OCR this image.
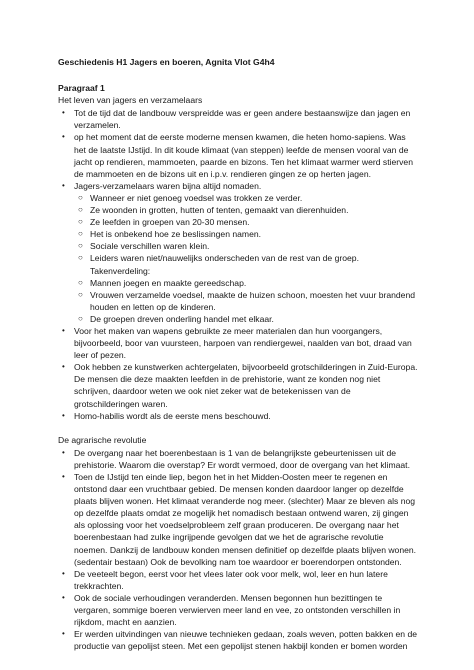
Geschiedenis H1 Jagers en boeren, Agnita Vlot G4h4

Paragraaf 1

Het leven van jagers en verzamelaars

• Tot de tijd dat de landbouw verspreidde was er geen andere bestaanswijze dan jagen en verzamelen.
• op het moment dat de eerste moderne mensen kwamen, die heten homo-sapiens. Was het de laatste IJstijd. In dit koude klimaat (van steppen) leefde de mensen vooral van de jacht op rendieren, mammoeten, paarde en bizons. Ten het klimaat warmer werd stierven de mammoeten en de bizons uit en i.p.v. rendieren gingen ze op herten jagen.
• Jagers-verzamelaars waren bijna altijd nomaden.
○ Wanneer er niet genoeg voedsel was trokken ze verder.
○ Ze woonden in grotten, hutten of tenten, gemaakt van dierenhuiden.
○ Ze leefden in groepen van 20-30 mensen.
○ Het is onbekend hoe ze beslissingen namen.
○ Sociale verschillen waren klein.
○ Leiders waren niet/nauwelijks onderscheden van de rest van de groep.

Takenverdeling:

○ Mannen joegen en maakte gereedschap.
○ Vrouwen verzamelde voedsel, maakte de huizen schoon, moesten het vuur brandend houden en letten op de kinderen.
○ De groepen dreven onderling handel met elkaar.
• Voor het maken van wapens gebruikte ze meer materialen dan hun voorgangers, bijvoorbeeld, boor van vuursteen, harpoen van rendiergewei, naalden van bot, draad van leer of pezen.
• Ook hebben ze kunstwerken achtergelaten, bijvoorbeeld grotschilderingen in Zuid-Europa. De mensen die deze maakten leefden in de prehistorie, want ze konden nog niet schrijven, daardoor weten we ook niet zeker wat de betekenissen van de grotschilderingen waren.
• Homo-habilis wordt als de eerste mens beschouwd.

De agrarische revolutie

• De overgang naar het boerenbestaan is 1 van de belangrijkste gebeurtenissen uit de prehistorie. Waarom die overstap? Er wordt vermoed, door de overgang van het klimaat.
• Toen de IJstijd ten einde liep, begon het in het Midden-Oosten meer te regenen en ontstond daar een vruchtbaar gebied. De mensen konden daardoor langer op dezelfde plaats blijven wonen. Het klimaat veranderde nog meer. (slechter) Maar ze bleven als nog op dezelfde plaats omdat ze mogelijk het nomadisch bestaan ontwend waren, zij gingen als oplossing voor het voedselprobleem zelf graan produceren. De overgang naar het boerenbestaan had zulke ingrijpende gevolgen dat we het de agrarische revolutie noemen. Dankzij de landbouw konden mensen definitief op dezelfde plaats blijven wonen. (sedentair bestaan) Ook de bevolking nam toe waardoor er boerendorpen ontstonden.
• De veeteelt begon, eerst voor het vlees later ook voor melk, wol, leer en hun latere trekkrachten.
• Ook de sociale verhoudingen veranderden. Mensen begonnen hun bezittingen te vergaren, sommige boeren verwierven meer land en vee, zo ontstonden verschillen in rijkdom, macht en aanzien.
• Er werden uitvindingen van nieuwe technieken gedaan, zoals weven, potten bakken en de productie van gepolijst steen. Met een gepolijst stenen hakbijl konden er bomen worden
